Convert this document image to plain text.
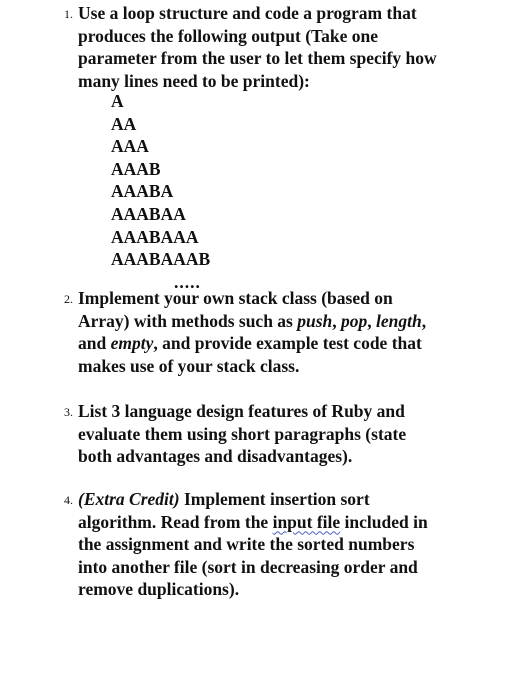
1. Use a loop structure and code a program that
produces the following output (Take one
parameter from the user to let them specify how
many lines need to be printed):
A
AA
AAA
AAAB
AAABA
AAABAA
AAABAAA
AAABAAAB
.....
2. Implement your own stack class (based on
Array) with methods such as push, pop, length,
and empty, and provide example test code that
makes use of your stack class.
3. List 3 language design features of Ruby and
evaluate them using short paragraphs (state
both advantages and disadvantages).
4. (Extra Credit) Implement insertion sort
algorithm. Read from the input file included in
the assignment and write the sorted numbers
into another file (sort in decreasing order and
remove duplications).
